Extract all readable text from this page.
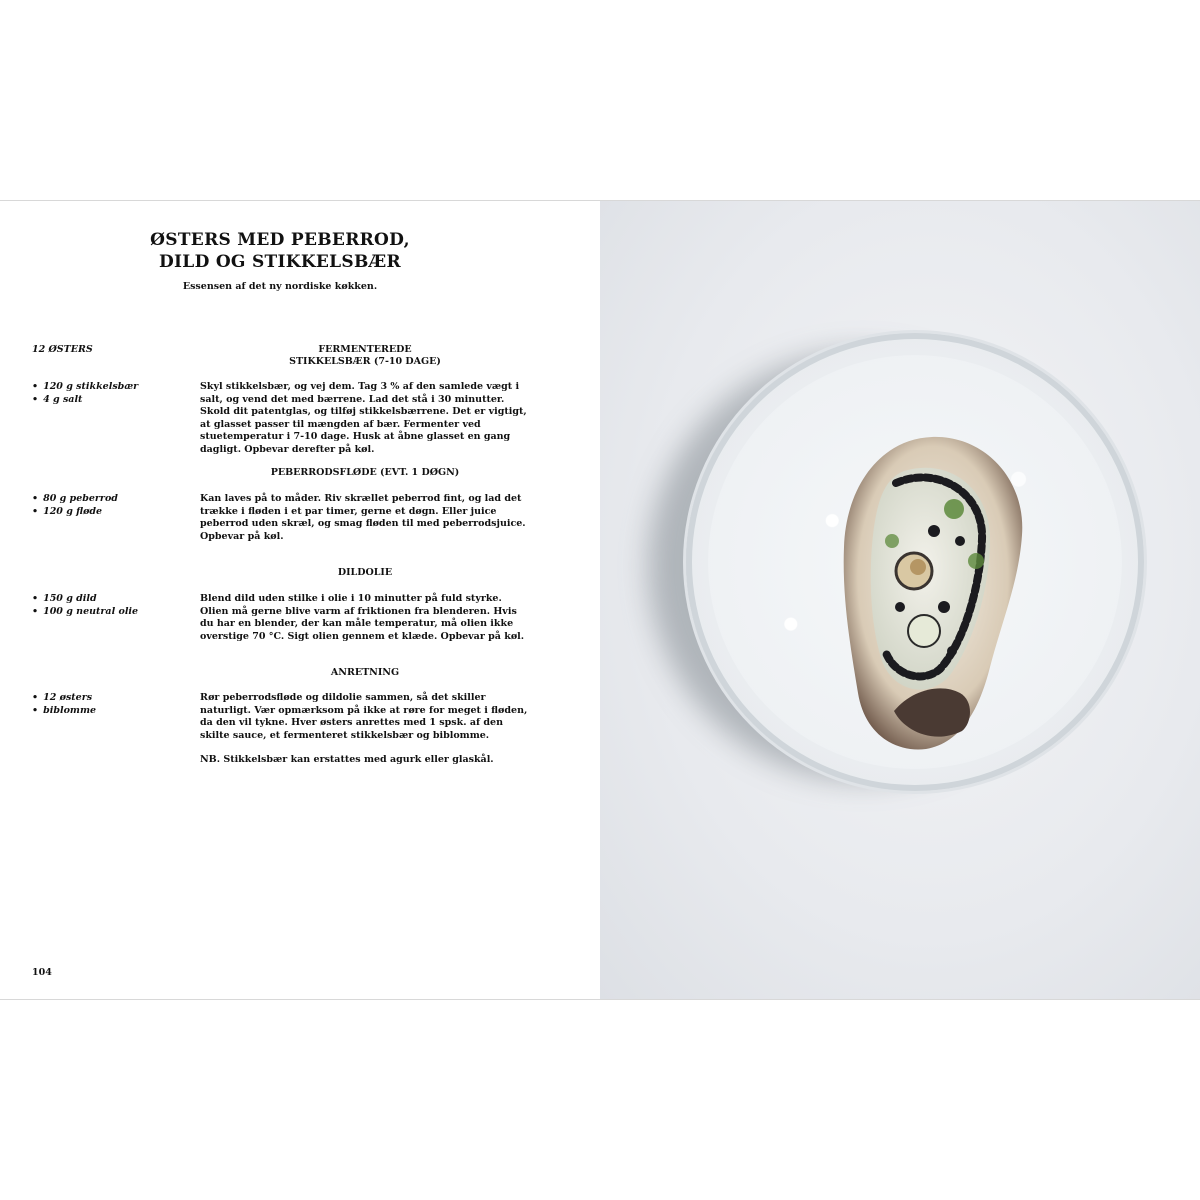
ØSTERS MED PEBERROD,
DILD OG STIKKELSBÆR
Essensen af det ny nordiske køkken.
12 ØSTERS	FERMENTEREDE
STIKKELSBÆR (7-10 DAGE)
• 120 g stikkelsbær
• 4 g salt

Skyl stikkelsbær, og vej dem. Tag 3 % af den samlede vægt i salt, og vend det med bærrene. Lad det stå i 30 minutter. Skold dit patentglas, og tilføj stikkelsbærrene. Det er vigtigt, at glasset passer til mængden af bær. Fermenter ved stuetemperatur i 7-10 dage. Husk at åbne glasset en gang dagligt. Opbevar derefter på køl.

PEBERRODSFLØDE (EVT. 1 DØGN)
• 80 g peberrod
• 120 g fløde

Kan laves på to måder. Riv skrællet peberrod fint, og lad det trække i fløden i et par timer, gerne et døgn. Eller juice peberrod uden skræl, og smag fløden til med peberrodsjuice. Opbevar på køl.

DILDOLIE
• 150 g dild
• 100 g neutral olie

Blend dild uden stilke i olie i 10 minutter på fuld styrke. Olien må gerne blive varm af friktionen fra blenderen. Hvis du har en blender, der kan måle temperatur, må olien ikke overstige 70 °C. Sigt olien gennem et klæde. Opbevar på køl.

ANRETNING
• 12 østers
• biblomme

Rør peberrodsfløde og dildolie sammen, så det skiller naturligt. Vær opmærksom på ikke at røre for meget i fløden, da den vil tykne. Hver østers anrettes med 1 spsk. af den skilte sauce, et fermenteret stikkelsbær og biblomme.

NB. Stikkelsbær kan erstattes med agurk eller glaskål.

104
